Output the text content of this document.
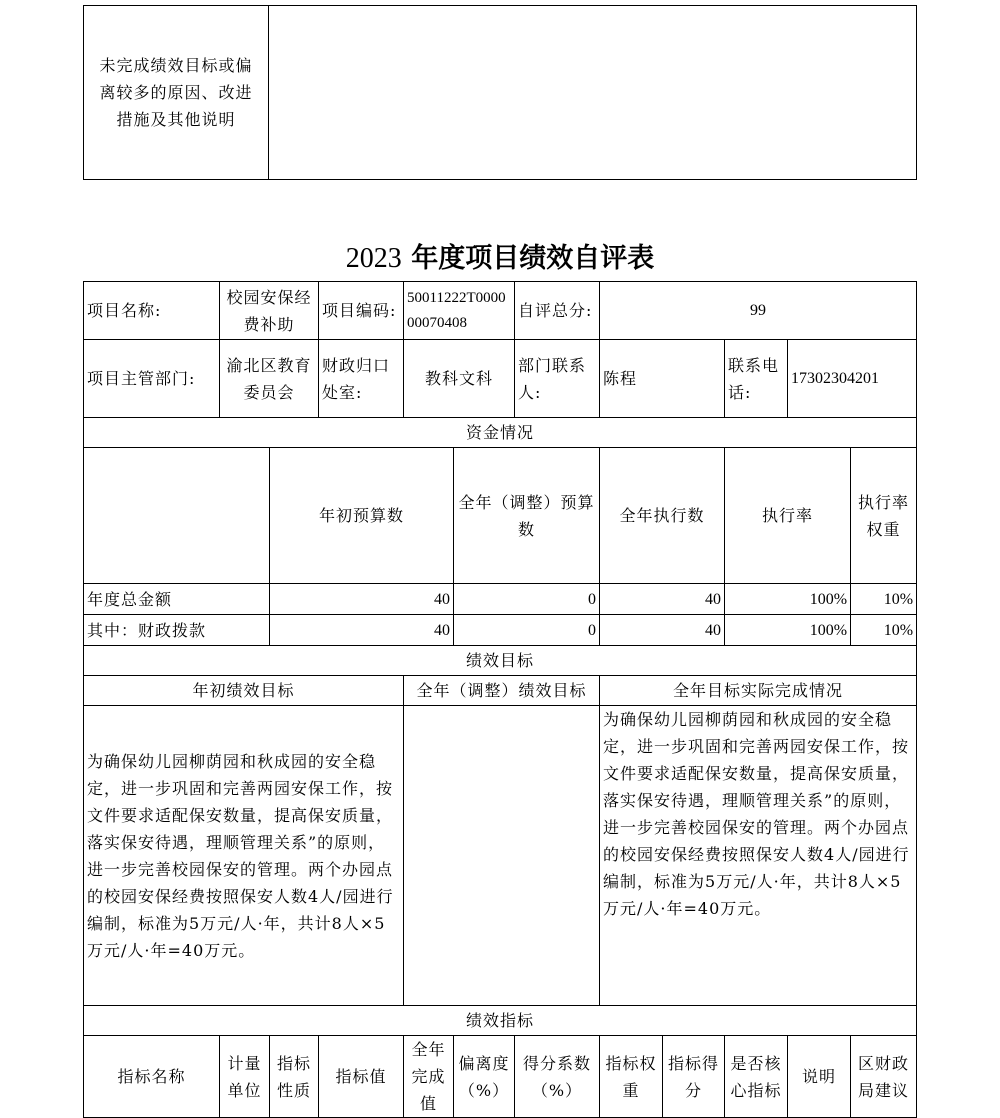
未完成绩效目标或偏离较多的原因、改进措施及其他说明	
2023 年度项目绩效自评表
项目名称:	校园安保经费补助		项目编码:	50011222T000000070408		自评总分:	99					
项目主管部门:	渝北区教育委员会		财政归口处室:	教科文科		部门联系人:	陈程		联系电话:	17302304201		
资金情况												
		年初预算数			全年（调整）预算数		全年执行数		执行率		执行率权重	
年度总金额		40			0		40		100%		10%	
其中：财政拨款		40			0		40		100%		10%	
绩效目标												
年初绩效目标				全年（调整）绩效目标			全年目标实际完成情况					
为确保幼儿园柳荫园和秋成园的安全稳定，进一步巩固和完善两园安保工作，按文件要求适配保安数量，提高保安质量，落实保安待遇，理顺管理关系”的原则，进一步完善校园保安的管理。两个办园点的校园安保经费按照保安人数4人/园进行编制，标准为5万元/人·年，共计8人×5万元/人·年=40万元。							为确保幼儿园柳荫园和秋成园的安全稳定，进一步巩固和完善两园安保工作，按文件要求适配保安数量，提高保安质量，落实保安待遇，理顺管理关系”的原则，进一步完善校园保安的管理。两个办园点的校园安保经费按照保安人数4人/园进行编制，标准为5万元/人·年，共计8人×5万元/人·年=40万元。					
绩效指标												
指标名称	计量单位	指标性质	指标值	全年完成值	偏离度（%）	得分系数（%）	指标权重	指标得分	是否核心指标	说明	区财政局建议	
